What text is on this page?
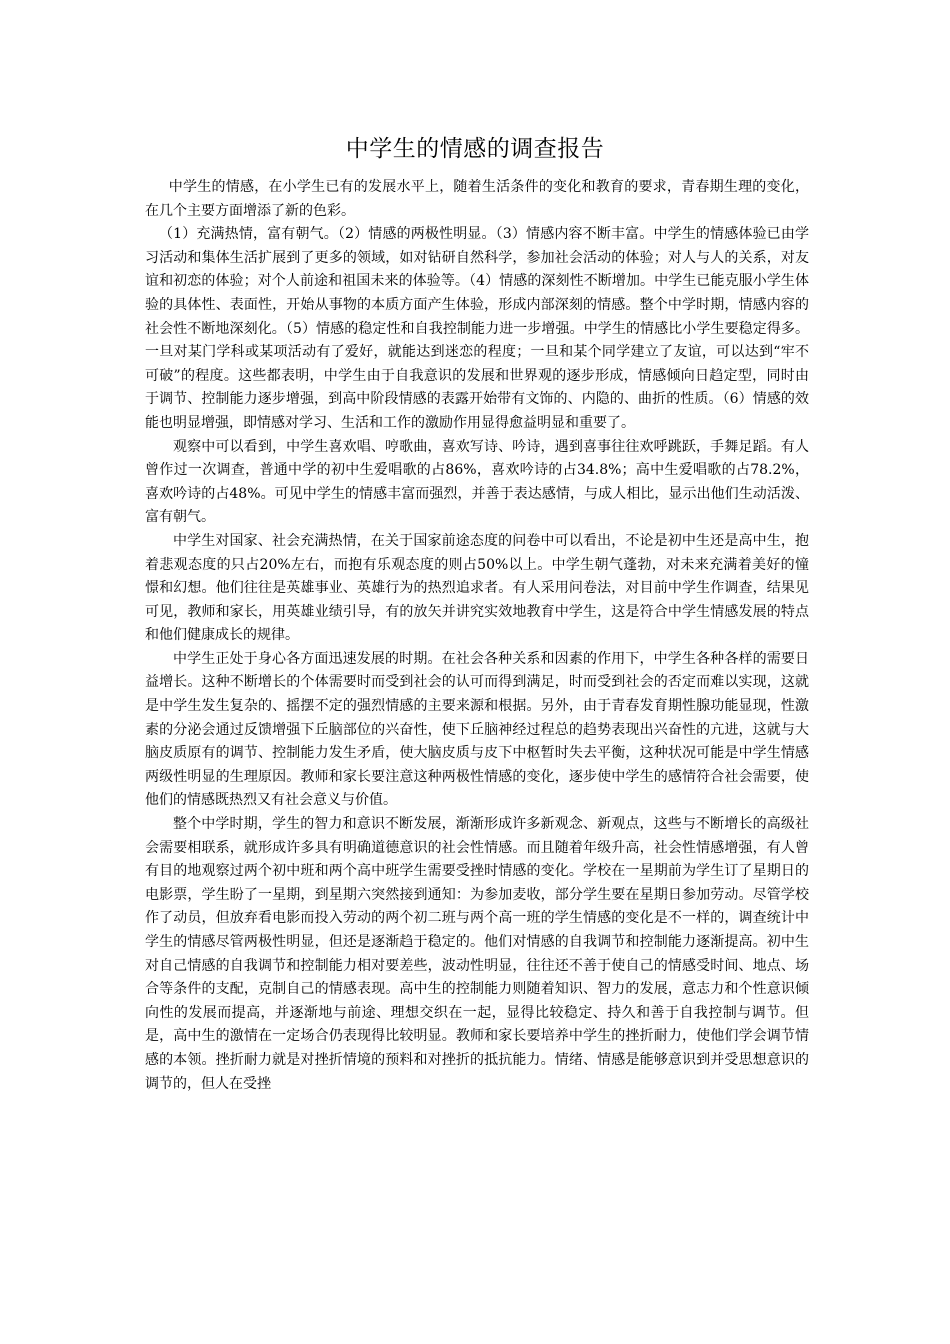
中学生的情感的调查报告

中学生的情感，在小学生已有的发展水平上，随着生活条件的变化和教育的要求，青春期生理的变化，在几个主要方面增添了新的色彩。

（1）充满热情，富有朝气。（2）情感的两极性明显。（3）情感内容不断丰富。中学生的情感体验已由学习活动和集体生活扩展到了更多的领域，如对钻研自然科学，参加社会活动的体验；对人与人的关系，对友谊和初恋的体验；对个人前途和祖国未来的体验等。（4）情感的深刻性不断增加。中学生已能克服小学生体验的具体性、表面性，开始从事物的本质方面产生体验，形成内部深刻的情感。整个中学时期，情感内容的社会性不断地深刻化。（5）情感的稳定性和自我控制能力进一步增强。中学生的情感比小学生要稳定得多。一旦对某门学科或某项活动有了爱好，就能达到迷恋的程度；一旦和某个同学建立了友谊，可以达到“牢不可破”的程度。这些都表明，中学生由于自我意识的发展和世界观的逐步形成，情感倾向日趋定型，同时由于调节、控制能力逐步增强，到高中阶段情感的表露开始带有文饰的、内隐的、曲折的性质。（6）情感的效能也明显增强，即情感对学习、生活和工作的激励作用显得愈益明显和重要了。

观察中可以看到，中学生喜欢唱、哼歌曲，喜欢写诗、吟诗，遇到喜事往往欢呼跳跃，手舞足蹈。有人曾作过一次调查，普通中学的初中生爱唱歌的占86%，喜欢吟诗的占34.8%；高中生爱唱歌的占78.2%，喜欢吟诗的占48%。可见中学生的情感丰富而强烈，并善于表达感情，与成人相比，显示出他们生动活泼、富有朝气。

中学生对国家、社会充满热情，在关于国家前途态度的问卷中可以看出，不论是初中生还是高中生，抱着悲观态度的只占20%左右，而抱有乐观态度的则占50%以上。中学生朝气蓬勃，对未来充满着美好的憧憬和幻想。他们往往是英雄事业、英雄行为的热烈追求者。有人采用问卷法，对目前中学生作调查，结果见可见，教师和家长，用英雄业绩引导，有的放矢并讲究实效地教育中学生，这是符合中学生情感发展的特点和他们健康成长的规律。

中学生正处于身心各方面迅速发展的时期。在社会各种关系和因素的作用下，中学生各种各样的需要日益增长。这种不断增长的个体需要时而受到社会的认可而得到满足，时而受到社会的否定而难以实现，这就是中学生发生复杂的、摇摆不定的强烈情感的主要来源和根据。另外，由于青春发育期性腺功能显现，性激素的分泌会通过反馈增强下丘脑部位的兴奋性，使下丘脑神经过程总的趋势表现出兴奋性的亢进，这就与大脑皮质原有的调节、控制能力发生矛盾，使大脑皮质与皮下中枢暂时失去平衡，这种状况可能是中学生情感两级性明显的生理原因。教师和家长要注意这种两极性情感的变化，逐步使中学生的感情符合社会需要，使他们的情感既热烈又有社会意义与价值。

整个中学时期，学生的智力和意识不断发展，渐渐形成许多新观念、新观点，这些与不断增长的高级社会需要相联系，就形成许多具有明确道德意识的社会性情感。而且随着年级升高，社会性情感增强，有人曾有目的地观察过两个初中班和两个高中班学生需要受挫时情感的变化。学校在一星期前为学生订了星期日的电影票，学生盼了一星期，到星期六突然接到通知：为参加麦收，部分学生要在星期日参加劳动。尽管学校作了动员，但放弃看电影而投入劳动的两个初二班与两个高一班的学生情感的变化是不一样的，调查统计中学生的情感尽管两极性明显，但还是逐渐趋于稳定的。他们对情感的自我调节和控制能力逐渐提高。初中生对自己情感的自我调节和控制能力相对要差些，波动性明显，往往还不善于使自己的情感受时间、地点、场合等条件的支配，克制自己的情感表现。高中生的控制能力则随着知识、智力的发展，意志力和个性意识倾向性的发展而提高，并逐渐地与前途、理想交织在一起，显得比较稳定、持久和善于自我控制与调节。但是，高中生的激情在一定场合仍表现得比较明显。教师和家长要培养中学生的挫折耐力，使他们学会调节情感的本领。挫折耐力就是对挫折情境的预料和对挫折的抵抗能力。情绪、情感是能够意识到并受思想意识的调节的，但人在受挫
